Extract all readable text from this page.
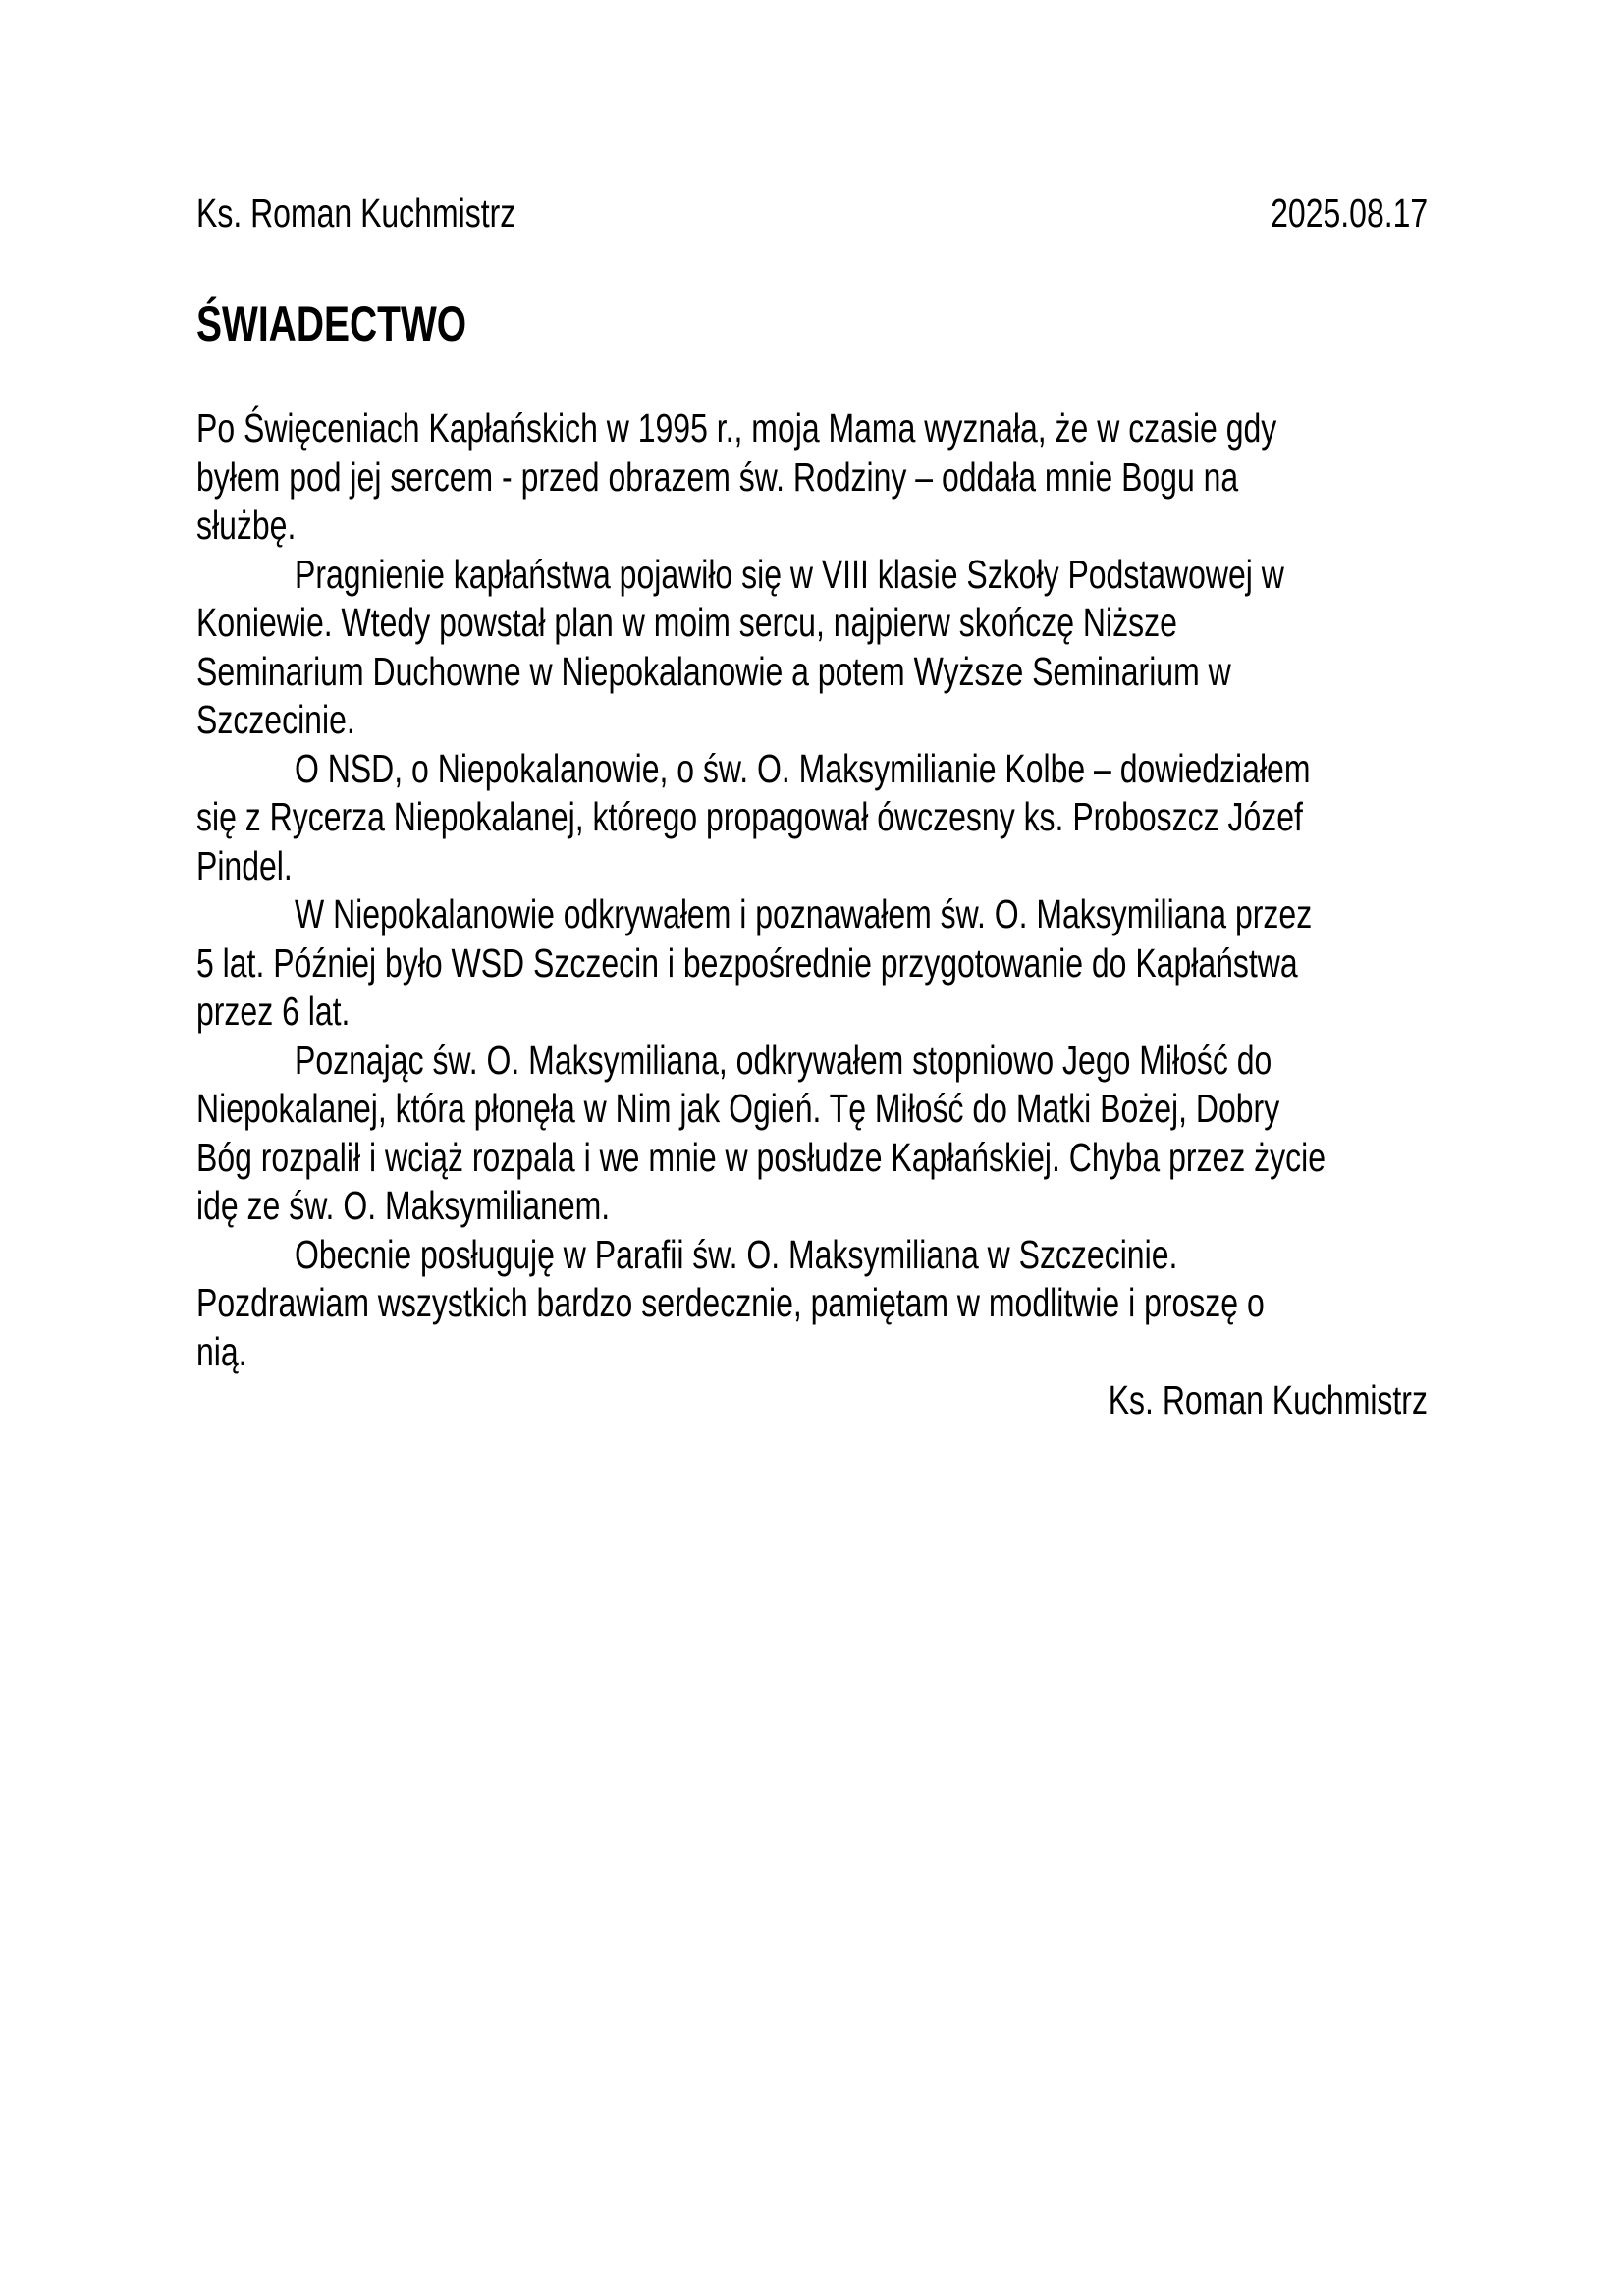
Ks. Roman Kuchmistrz	2025.08.17
ŚWIADECTWO
Po Święceniach Kapłańskich w 1995 r., moja Mama wyznała, że w czasie gdy
byłem pod jej sercem - przed obrazem św. Rodziny – oddała mnie Bogu na
służbę.
Pragnienie kapłaństwa pojawiło się w VIII klasie Szkoły Podstawowej w
Koniewie. Wtedy powstał plan w moim sercu, najpierw skończę Niższe
Seminarium Duchowne w Niepokalanowie a potem Wyższe Seminarium w
Szczecinie.
O NSD, o Niepokalanowie, o św. O. Maksymilianie Kolbe – dowiedziałem
się z Rycerza Niepokalanej, którego propagował ówczesny ks. Proboszcz Józef
Pindel.
W Niepokalanowie odkrywałem i poznawałem św. O. Maksymiliana przez
5 lat. Później było WSD Szczecin i bezpośrednie przygotowanie do Kapłaństwa
przez 6 lat.
Poznając św. O. Maksymiliana, odkrywałem stopniowo Jego Miłość do
Niepokalanej, która płonęła w Nim jak Ogień. Tę Miłość do Matki Bożej, Dobry
Bóg rozpalił i wciąż rozpala i we mnie w posłudze Kapłańskiej. Chyba przez życie
idę ze św. O. Maksymilianem.
Obecnie posługuję w Parafii św. O. Maksymiliana w Szczecinie.
Pozdrawiam wszystkich bardzo serdecznie, pamiętam w modlitwie i proszę o
nią.
Ks. Roman Kuchmistrz
